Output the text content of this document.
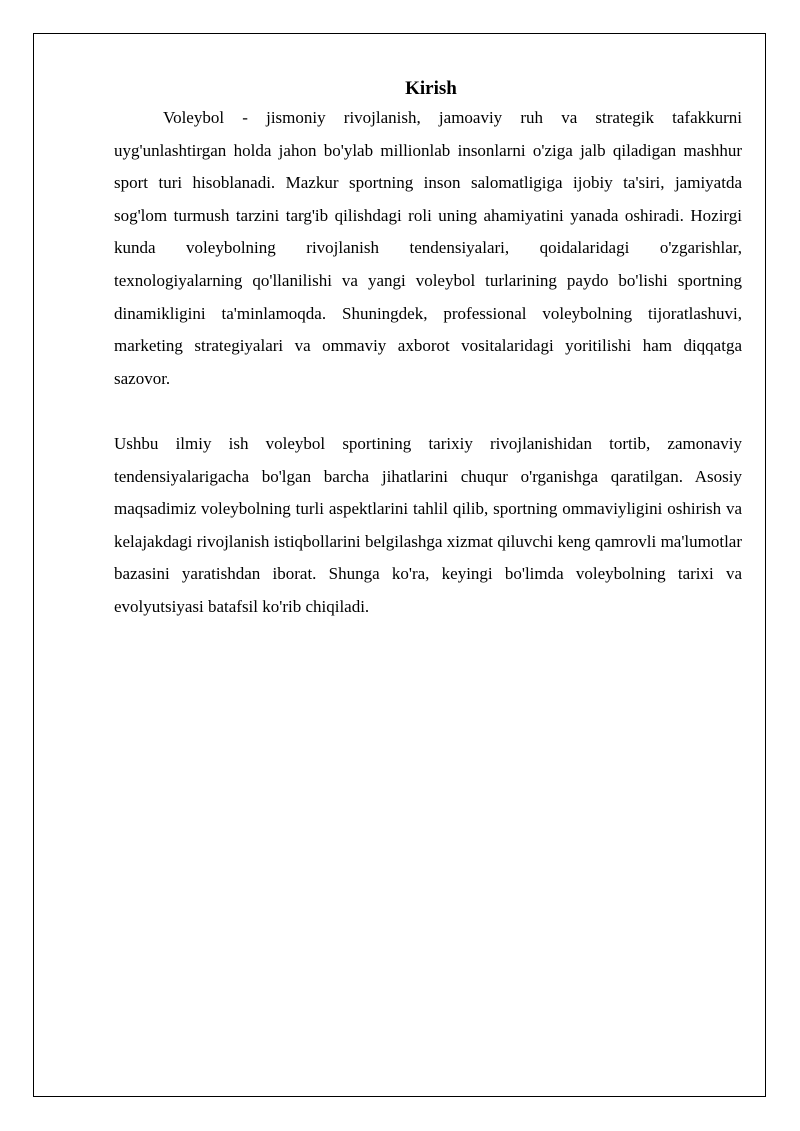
Kirish

Voleybol - jismoniy rivojlanish, jamoaviy ruh va strategik tafakkurni uyg'unlashtirgan holda jahon bo'ylab millionlab insonlarni o'ziga jalb qiladigan mashhur sport turi hisoblanadi. Mazkur sportning inson salomatligiga ijobiy ta'siri, jamiyatda sog'lom turmush tarzini targ'ib qilishdagi roli uning ahamiyatini yanada oshiradi. Hozirgi kunda voleybolning rivojlanish tendensiyalari, qoidalaridagi o'zgarishlar, texnologiyalarning qo'llanilishi va yangi voleybol turlarining paydo bo'lishi sportning dinamikligini ta'minlamoqda. Shuningdek, professional voleybolning tijoratlashuvi, marketing strategiyalari va ommaviy axborot vositalaridagi yoritilishi ham diqqatga sazovor.

Ushbu ilmiy ish voleybol sportining tarixiy rivojlanishidan tortib, zamonaviy tendensiyalarigacha bo'lgan barcha jihatlarini chuqur o'rganishga qaratilgan. Asosiy maqsadimiz voleybolning turli aspektlarini tahlil qilib, sportning ommaviyligini oshirish va kelajakdagi rivojlanish istiqbollarini belgilashga xizmat qiluvchi keng qamrovli ma'lumotlar bazasini yaratishdan iborat. Shunga ko'ra, keyingi bo'limda voleybolning tarixi va evolyutsiyasi batafsil ko'rib chiqiladi.
